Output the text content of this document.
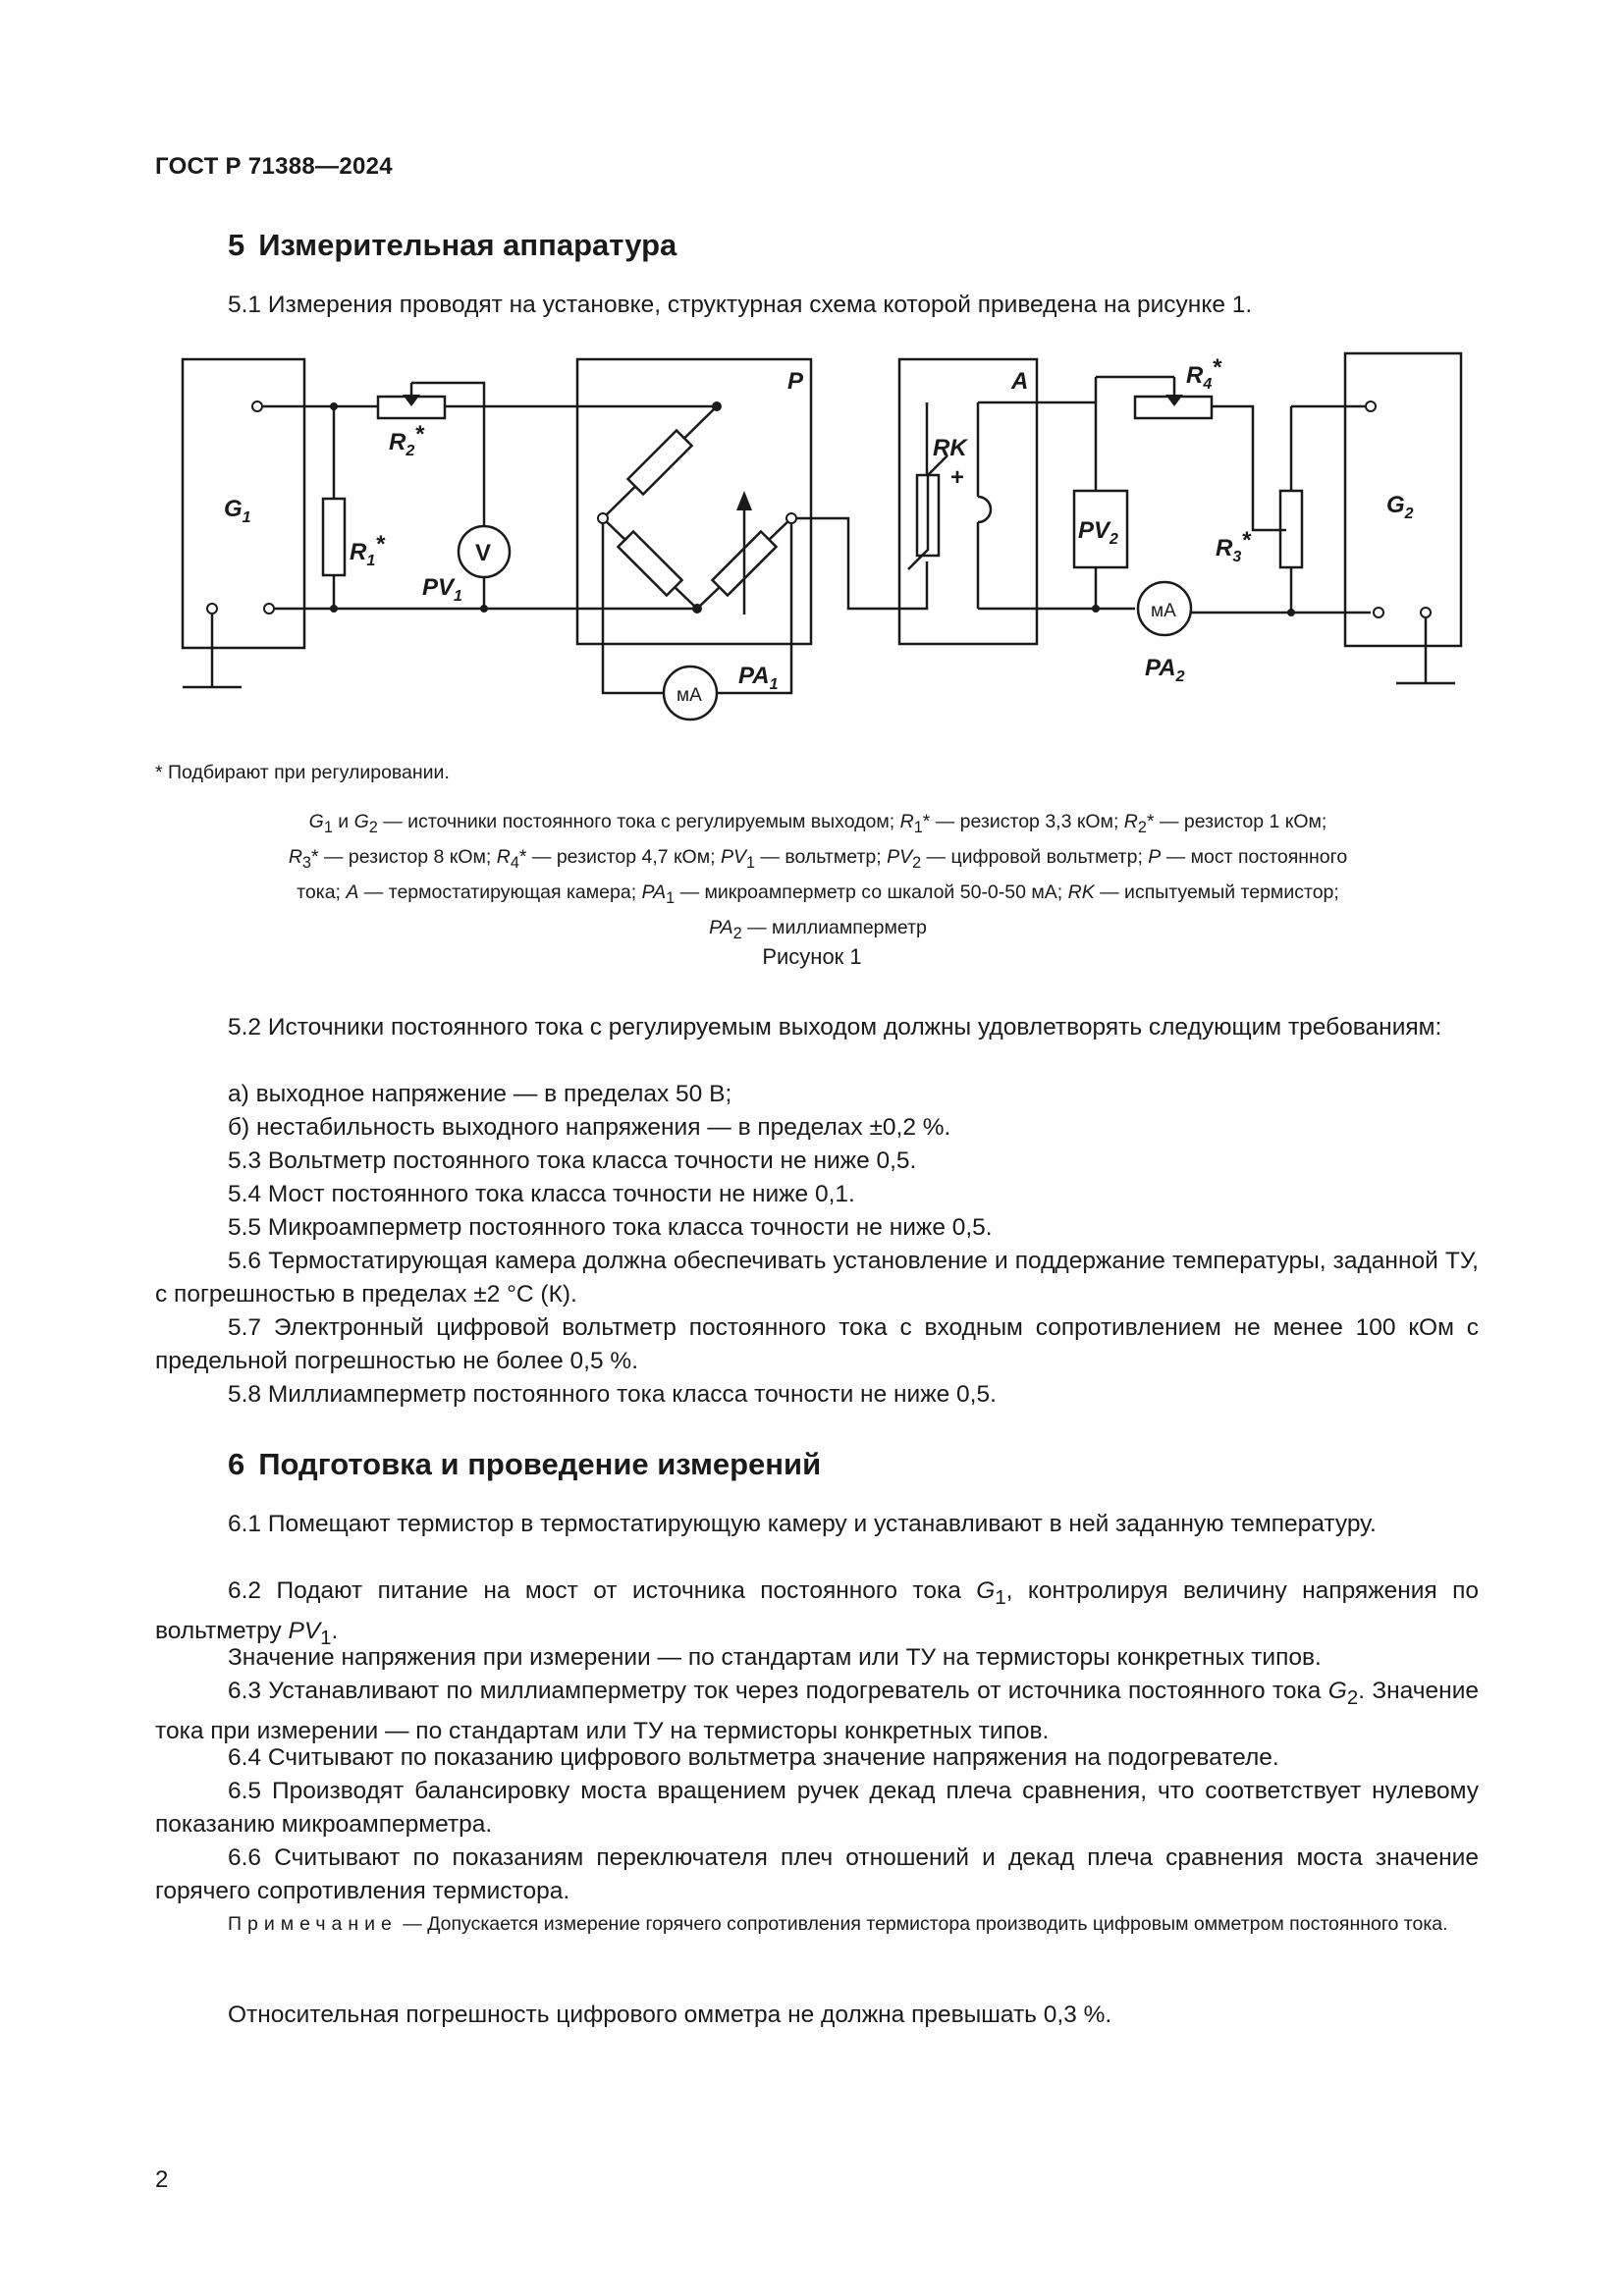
ГОСТ Р 71388—2024
5 Измерительная аппаратура
5.1 Измерения проводят на установке, структурная схема которой приведена на рисунке 1.
$G_1$	$G_2$
$R_1*$
$R_2*$
$R_3*$
$R_4*$
V
$PV_1$
$PV_2$
P	A
RK
+
мА
мА
$PA_1$
$PA_2$
* Подбирают при регулировании.
$G_1$ и $G_2$ — источники постоянного тока с регулируемым выходом; $R_1*$ — резистор 3,3 кОм; $R_2*$ — резистор 1 кОм;
$R_3*$ — резистор 8 кОм; $R_4*$ — резистор 4,7 кОм; $PV_1$ — вольтметр; $PV_2$ — цифровой вольтметр; P — мост постоянного
тока; A — термостатирующая камера; $PA_1$ — микроамперметр со шкалой 50-0-50 мА; RK — испытуемый термистор;
$PA_2$ — миллиамперметр
Рисунок 1
5.2 Источники постоянного тока с регулируемым выходом должны удовлетворять следующим требованиям:
а) выходное напряжение — в пределах 50 В;
б) нестабильность выходного напряжения — в пределах ±0,2 %.
5.3 Вольтметр постоянного тока класса точности не ниже 0,5.
5.4 Мост постоянного тока класса точности не ниже 0,1.
5.5 Микроамперметр постоянного тока класса точности не ниже 0,5.
5.6 Термостатирующая камера должна обеспечивать установление и поддержание температуры, заданной ТУ, с погрешностью в пределах ±2 °С (К).
5.7 Электронный цифровой вольтметр постоянного тока с входным сопротивлением не менее 100 кОм с предельной погрешностью не более 0,5 %.
5.8 Миллиамперметр постоянного тока класса точности не ниже 0,5.
6 Подготовка и проведение измерений
6.1 Помещают термистор в термостатирующую камеру и устанавливают в ней заданную температуру.
6.2 Подают питание на мост от источника постоянного тока $G_1$, контролируя величину напряжения по вольтметру $PV_1$.
Значение напряжения при измерении — по стандартам или ТУ на термисторы конкретных типов.
6.3 Устанавливают по миллиамперметру ток через подогреватель от источника постоянного тока $G_2$. Значение тока при измерении — по стандартам или ТУ на термисторы конкретных типов.
6.4 Считывают по показанию цифрового вольтметра значение напряжения на подогревателе.
6.5 Производят балансировку моста вращением ручек декад плеча сравнения, что соответствует нулевому показанию микроамперметра.
6.6 Считывают по показаниям переключателя плеч отношений и декад плеча сравнения моста значение горячего сопротивления термистора.
Примечание — Допускается измерение горячего сопротивления термистора производить цифровым омметром постоянного тока.
Относительная погрешность цифрового омметра не должна превышать 0,3 %.
2
